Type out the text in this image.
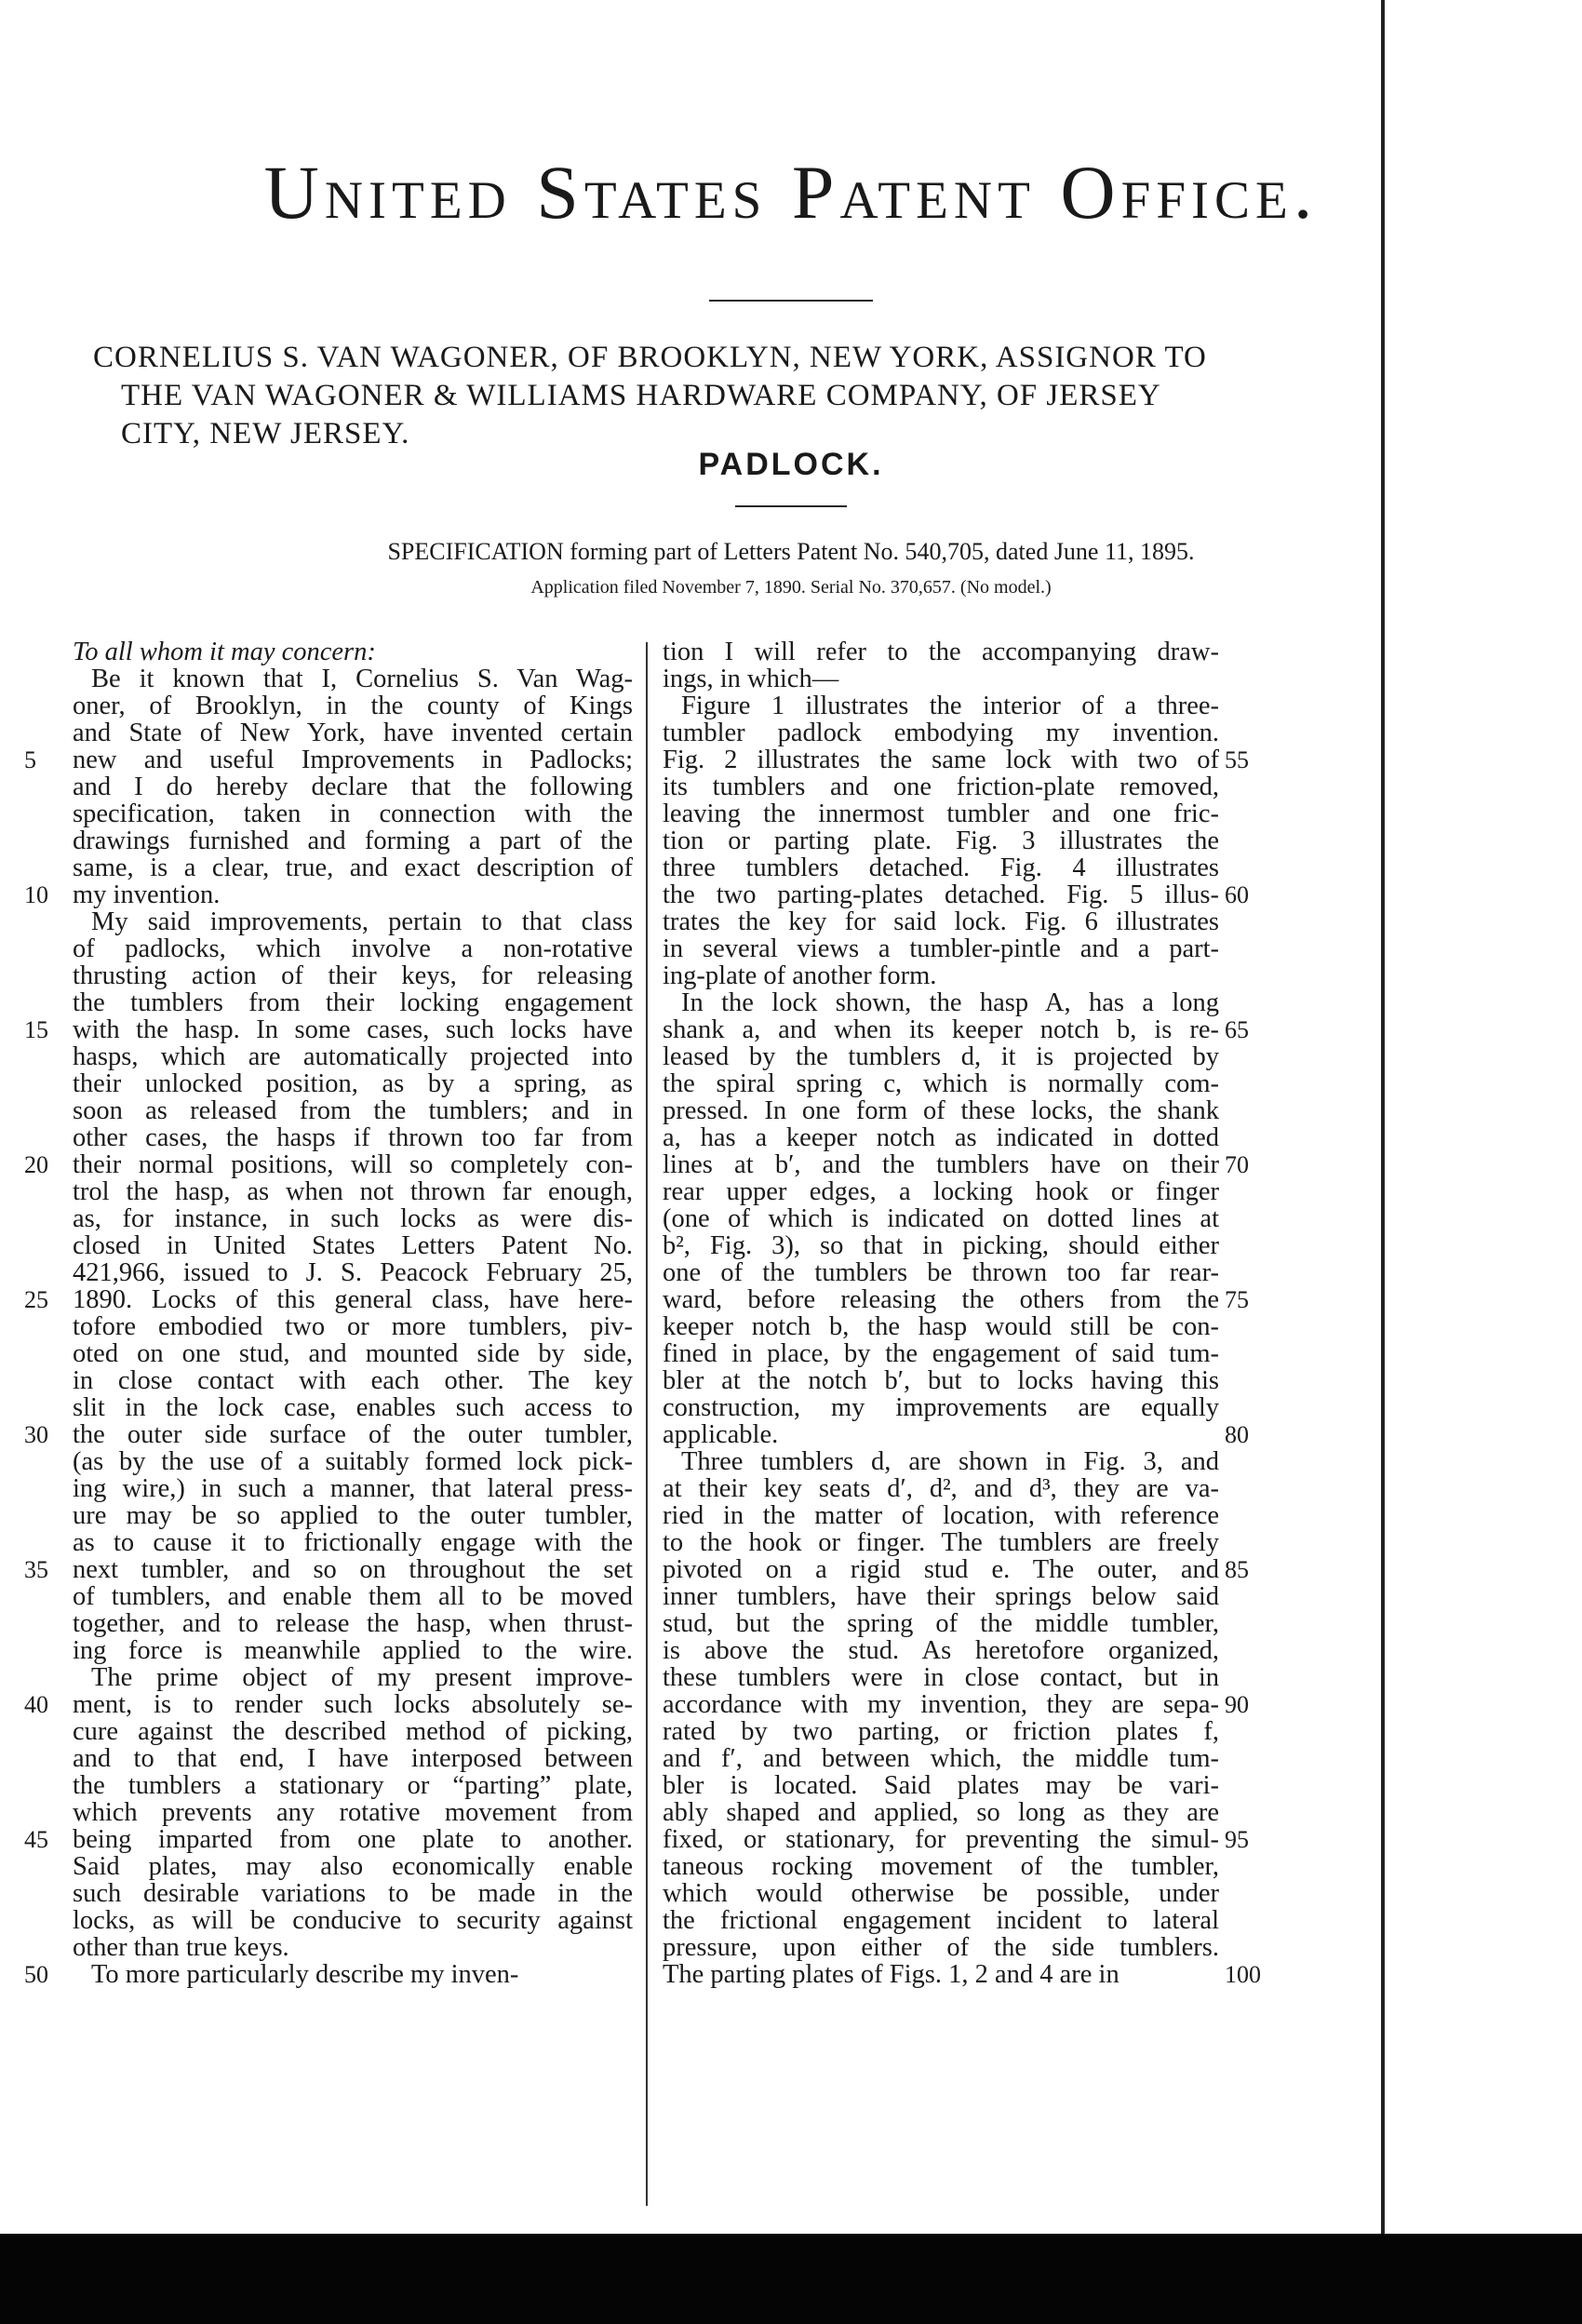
United States Patent Office.
CORNELIUS S. VAN WAGONER, OF BROOKLYN, NEW YORK, ASSIGNOR TO
THE VAN WAGONER & WILLIAMS HARDWARE COMPANY, OF JERSEY
CITY, NEW JERSEY.
PADLOCK.
SPECIFICATION forming part of Letters Patent No. 540,705, dated June 11, 1895.
Application filed November 7, 1890. Serial No. 370,657. (No model.)
To all whom it may concern:
Be it known that I, Cornelius S. Van Wag-
oner, of Brooklyn, in the county of Kings
and State of New York, have invented certain
new and useful Improvements in Padlocks;
and I do hereby declare that the following
specification, taken in connection with the
drawings furnished and forming a part of the
same, is a clear, true, and exact description of
my invention.
My said improvements, pertain to that class
of padlocks, which involve a non-rotative
thrusting action of their keys, for releasing
the tumblers from their locking engagement
with the hasp. In some cases, such locks have
hasps, which are automatically projected into
their unlocked position, as by a spring, as
soon as released from the tumblers; and in
other cases, the hasps if thrown too far from
their normal positions, will so completely con-
trol the hasp, as when not thrown far enough,
as, for instance, in such locks as were dis-
closed in United States Letters Patent No.
421,966, issued to J. S. Peacock February 25,
1890. Locks of this general class, have here-
tofore embodied two or more tumblers, piv-
oted on one stud, and mounted side by side,
in close contact with each other. The key
slit in the lock case, enables such access to
the outer side surface of the outer tumbler,
(as by the use of a suitably formed lock pick-
ing wire,) in such a manner, that lateral press-
ure may be so applied to the outer tumbler,
as to cause it to frictionally engage with the
next tumbler, and so on throughout the set
of tumblers, and enable them all to be moved
together, and to release the hasp, when thrust-
ing force is meanwhile applied to the wire.
The prime object of my present improve-
ment, is to render such locks absolutely se-
cure against the described method of picking,
and to that end, I have interposed between
the tumblers a stationary or “parting” plate,
which prevents any rotative movement from
being imparted from one plate to another.
Said plates, may also economically enable
such desirable variations to be made in the
locks, as will be conducive to security against
other than true keys.
To more particularly describe my inven-
tion I will refer to the accompanying draw-
ings, in which—
Figure 1 illustrates the interior of a three-
tumbler padlock embodying my invention.
Fig. 2 illustrates the same lock with two of
its tumblers and one friction-plate removed,
leaving the innermost tumbler and one fric-
tion or parting plate. Fig. 3 illustrates the
three tumblers detached. Fig. 4 illustrates
the two parting-plates detached. Fig. 5 illus-
trates the key for said lock. Fig. 6 illustrates
in several views a tumbler-pintle and a part-
ing-plate of another form.
In the lock shown, the hasp A, has a long
shank a, and when its keeper notch b, is re-
leased by the tumblers d, it is projected by
the spiral spring c, which is normally com-
pressed. In one form of these locks, the shank
a, has a keeper notch as indicated in dotted
lines at b′, and the tumblers have on their
rear upper edges, a locking hook or finger
(one of which is indicated on dotted lines at
b², Fig. 3), so that in picking, should either
one of the tumblers be thrown too far rear-
ward, before releasing the others from the
keeper notch b, the hasp would still be con-
fined in place, by the engagement of said tum-
bler at the notch b′, but to locks having this
construction, my improvements are equally
applicable.
Three tumblers d, are shown in Fig. 3, and
at their key seats d′, d², and d³, they are va-
ried in the matter of location, with reference
to the hook or finger. The tumblers are freely
pivoted on a rigid stud e. The outer, and
inner tumblers, have their springs below said
stud, but the spring of the middle tumbler,
is above the stud. As heretofore organized,
these tumblers were in close contact, but in
accordance with my invention, they are sepa-
rated by two parting, or friction plates f,
and f′, and between which, the middle tum-
bler is located. Said plates may be vari-
ably shaped and applied, so long as they are
fixed, or stationary, for preventing the simul-
taneous rocking movement of the tumbler,
which would otherwise be possible, under
the frictional engagement incident to lateral
pressure, upon either of the side tumblers.
The parting plates of Figs. 1, 2 and 4 are in
5
10
15
20
25
30
35
40
45
50
55
60
65
70
75
80
85
90
95
100
